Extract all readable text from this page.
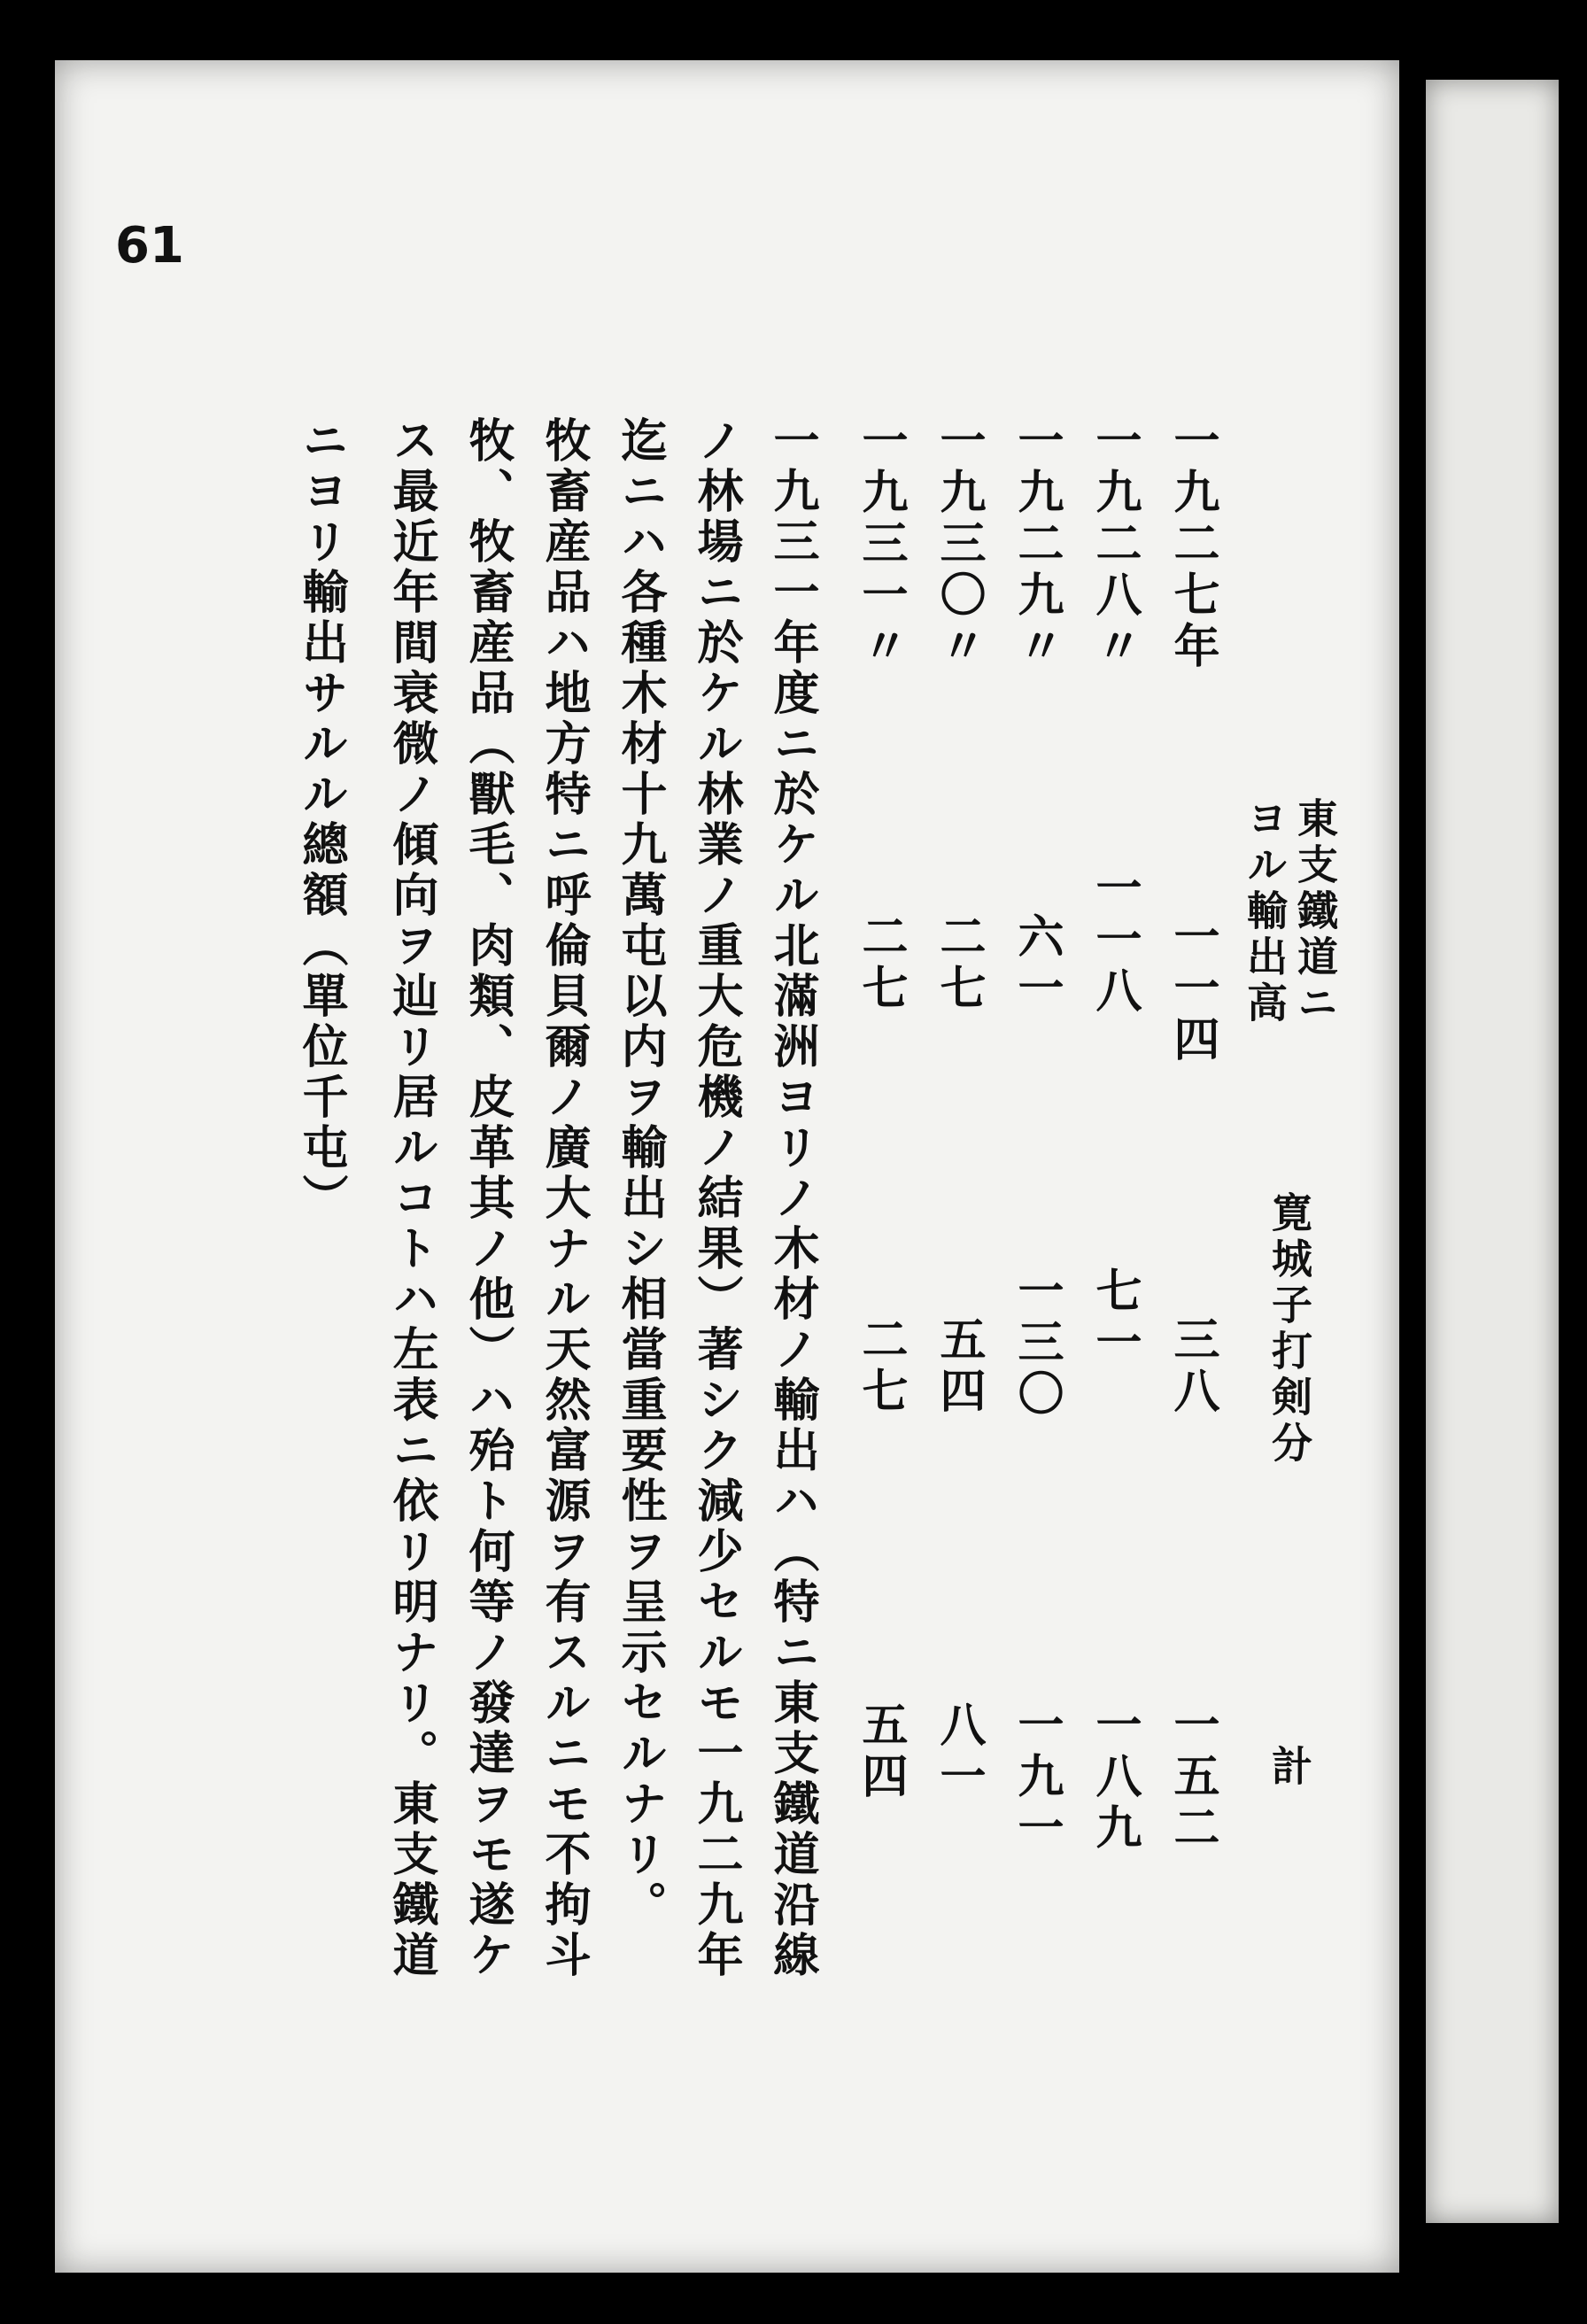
61
東支鐵道ニ
ヨル輸出高
寛城子打剣分
計
一九二七年
一一四
三八
一五二
一九二八〃
一一八
七一
一八九
一九二九〃
六一
一三〇
一九一
一九三〇〃
二七
五四
八一
一九三一〃
二七
二七
五四
一九三一年度ニ於ケル北滿洲ヨリノ木材ノ輸出ハ（特ニ東支鐵道沿線
ノ林場ニ於ケル林業ノ重大危機ノ結果）著シク減少セルモ一九二九年
迄ニハ各種木材十九萬屯以内ヲ輸出シ相當重要性ヲ呈示セルナリ。
牧畜産品ハ地方特ニ呼倫貝爾ノ廣大ナル天然富源ヲ有スルニモ不拘斗
牧、牧畜産品（獸毛、肉類、皮革其ノ他）ハ殆ト何等ノ發達ヲモ遂ケ
ス最近年間衰微ノ傾向ヲ辿リ居ルコトハ左表ニ依リ明ナリ。東支鐵道
ニヨリ輸出サルル總額（單位千屯）
